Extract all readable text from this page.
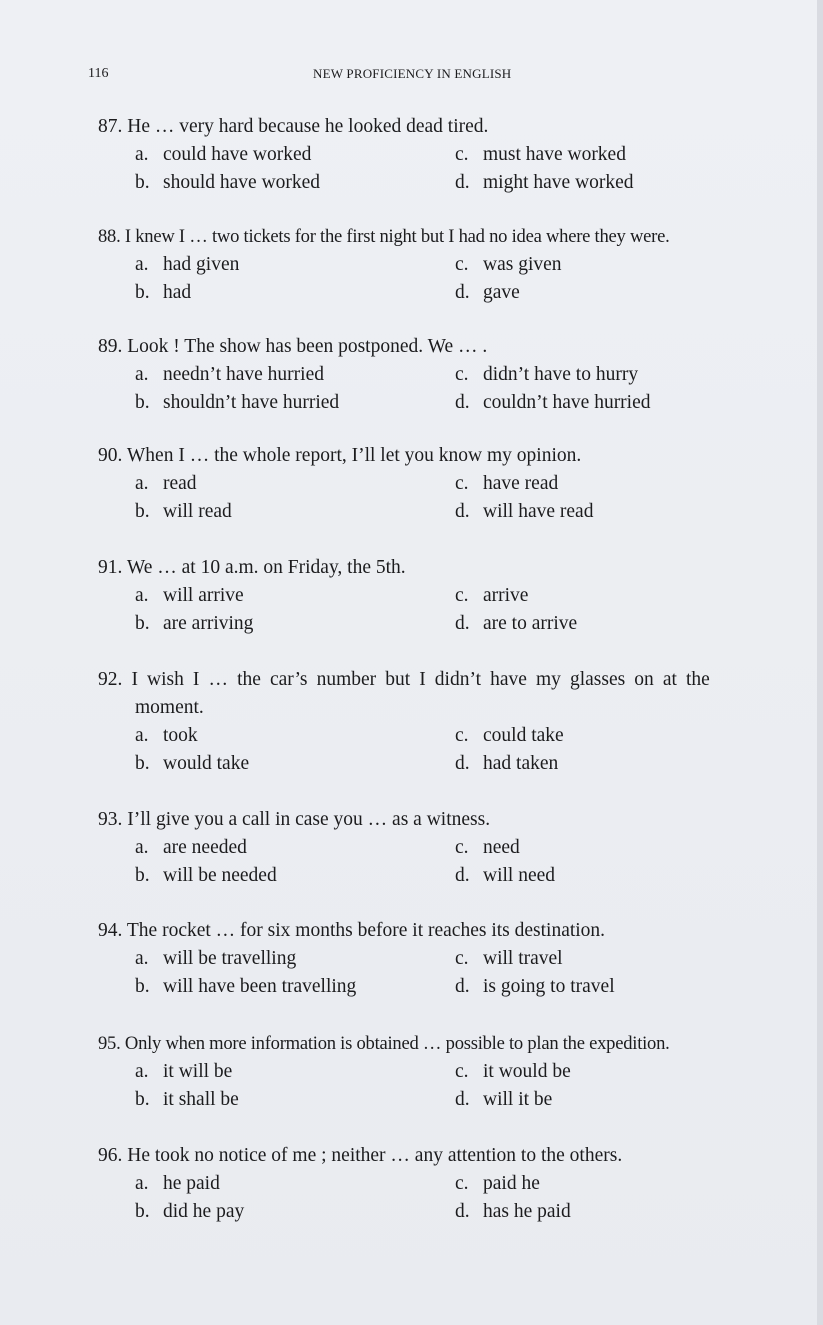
116	NEW PROFICIENCY IN ENGLISH
87. He … very hard because he looked dead tired.
a. could have worked	c. must have worked
b. should have worked	d. might have worked
88. I knew I … two tickets for the first night but I had no idea where they were.
a. had given	c. was given
b. had	d. gave
89. Look ! The show has been postponed. We … .
a. needn’t have hurried	c. didn’t have to hurry
b. shouldn’t have hurried	d. couldn’t have hurried
90. When I … the whole report, I’ll let you know my opinion.
a. read	c. have read
b. will read	d. will have read
91. We … at 10 a.m. on Friday, the 5th.
a. will arrive	c. arrive
b. are arriving	d. are to arrive
92. I wish I … the car’s number but I didn’t have my glasses on at the
moment.
a. took	c. could take
b. would take	d. had taken
93. I’ll give you a call in case you … as a witness.
a. are needed	c. need
b. will be needed	d. will need
94. The rocket … for six months before it reaches its destination.
a. will be travelling	c. will travel
b. will have been travelling	d. is going to travel
95. Only when more information is obtained … possible to plan the expedition.
a. it will be	c. it would be
b. it shall be	d. will it be
96. He took no notice of me ; neither … any attention to the others.
a. he paid	c. paid he
b. did he pay	d. has he paid
